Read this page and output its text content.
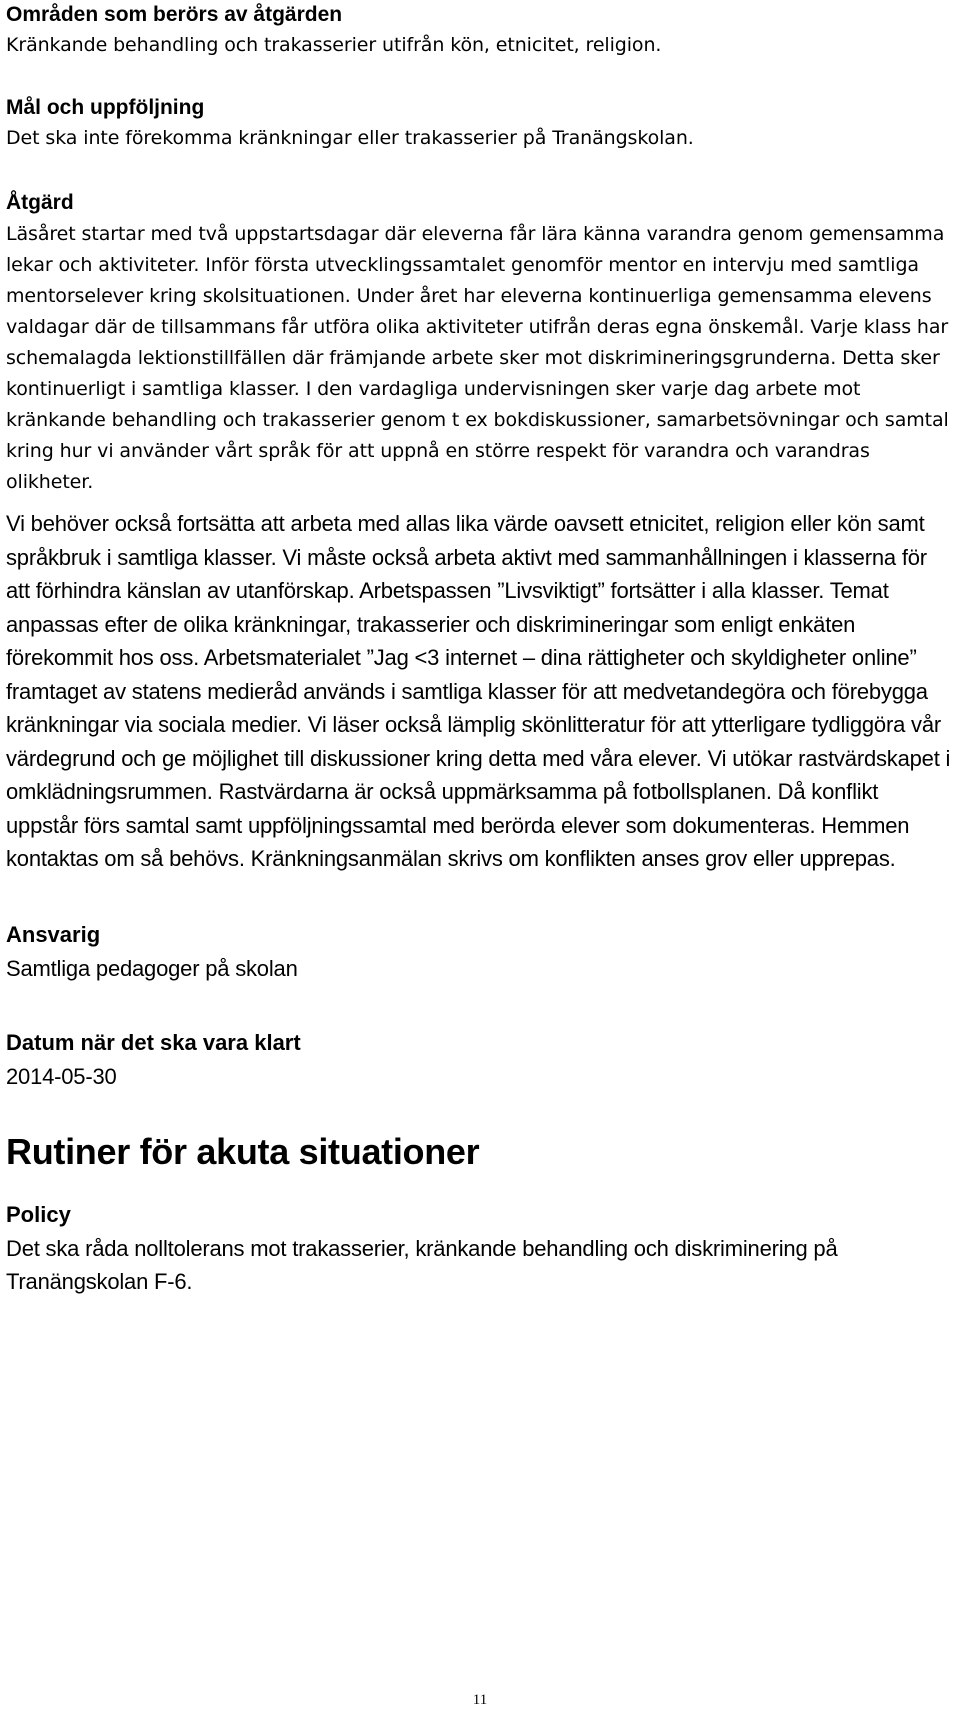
Områden som berörs av åtgärden

Kränkande behandling och trakasserier utifrån kön, etnicitet, religion.

Mål och uppföljning

Det ska inte förekomma kränkningar eller trakasserier på Tranängskolan.

Åtgärd

Läsåret startar med två uppstartsdagar där eleverna får lära känna varandra genom gemensamma lekar och aktiviteter. Inför första utvecklingssamtalet genomför mentor en intervju med samtliga mentorselever kring skolsituationen. Under året har eleverna kontinuerliga gemensamma elevens valdagar där de tillsammans får utföra olika aktiviteter utifrån deras egna önskemål. Varje klass har schemalagda lektionstillfällen där främjande arbete sker mot diskrimineringsgrunderna. Detta sker kontinuerligt i samtliga klasser. I den vardagliga undervisningen sker varje dag arbete mot kränkande behandling och trakasserier genom t ex bokdiskussioner, samarbetsövningar och samtal kring hur vi använder vårt språk för att uppnå en större respekt för varandra och varandras olikheter.

Vi behöver också fortsätta att arbeta med allas lika värde oavsett etnicitet, religion eller kön samt språkbruk i samtliga klasser. Vi måste också arbeta aktivt med sammanhållningen i klasserna för att förhindra känslan av utanförskap. Arbetspassen ”Livsviktigt” fortsätter i alla klasser. Temat anpassas efter de olika kränkningar, trakasserier och diskrimineringar som enligt enkäten förekommit hos oss. Arbetsmaterialet ”Jag <3 internet – dina rättigheter och skyldigheter online” framtaget av statens medieråd används i samtliga klasser för att medvetandegöra och förebygga kränkningar via sociala medier. Vi läser också lämplig skönlitteratur för att ytterligare tydliggöra vår värdegrund och ge möjlighet till diskussioner kring detta med våra elever. Vi utökar rastvärdskapet i omklädningsrummen. Rastvärdarna är också uppmärksamma på fotbollsplanen. Då konflikt uppstår förs samtal samt uppföljningssamtal med berörda elever som dokumenteras. Hemmen kontaktas om så behövs. Kränkningsanmälan skrivs om konflikten anses grov eller upprepas.

Ansvarig

Samtliga pedagoger på skolan

Datum när det ska vara klart

2014-05-30

Rutiner för akuta situationer
Policy

Det ska råda nolltolerans mot trakasserier, kränkande behandling och diskriminering på Tranängskolan F-6.

11
